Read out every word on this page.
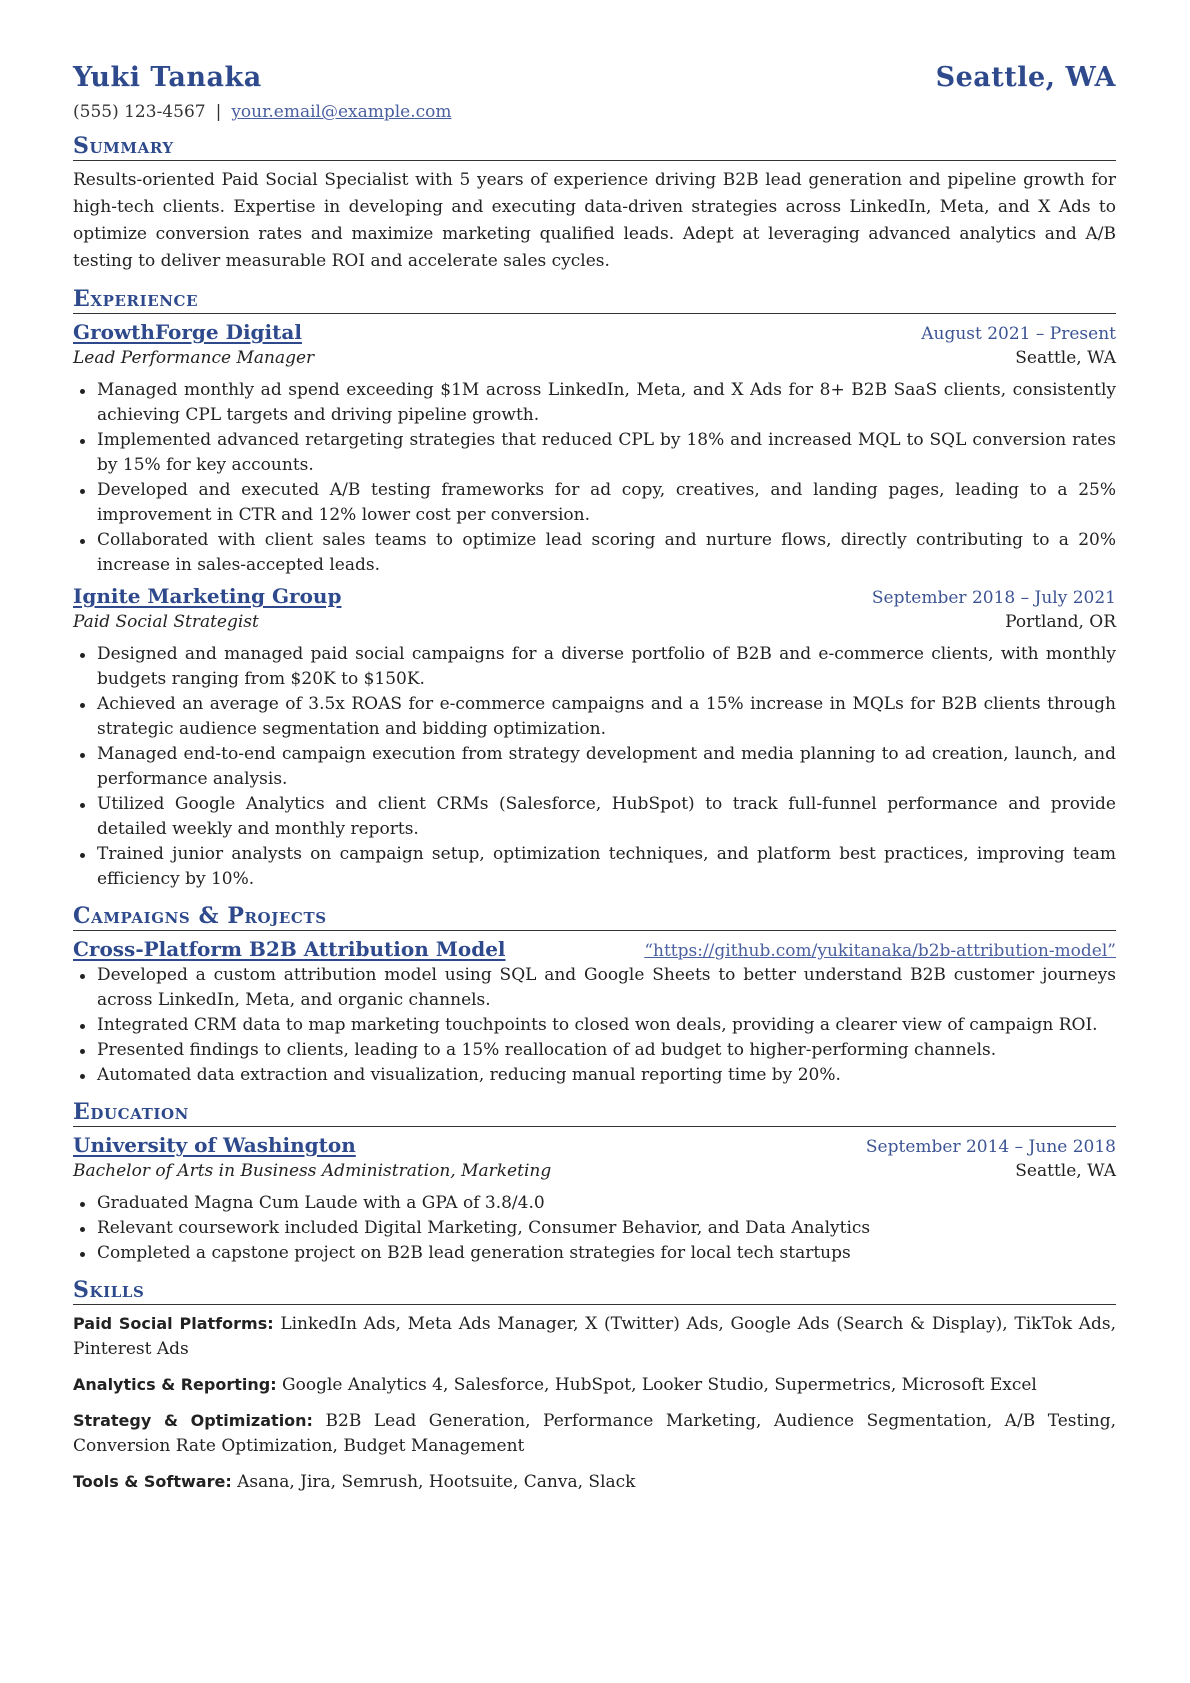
Yuki Tanaka	Seattle, WA
(555) 123-4567 | your.email@example.com
Summary
Results-oriented Paid Social Specialist with 5 years of experience driving B2B lead generation and pipeline growth for high-tech clients. Expertise in developing and executing data-driven strategies across LinkedIn, Meta, and X Ads to optimize conversion rates and maximize marketing qualified leads. Adept at leveraging advanced analytics and A/B testing to deliver measurable ROI and accelerate sales cycles.
Experience
GrowthForge Digital	August 2021 – Present
Lead Performance Manager	Seattle, WA
Managed monthly ad spend exceeding $1M across LinkedIn, Meta, and X Ads for 8+ B2B SaaS clients, consistently achieving CPL targets and driving pipeline growth.
Implemented advanced retargeting strategies that reduced CPL by 18% and increased MQL to SQL conversion rates by 15% for key accounts.
Developed and executed A/B testing frameworks for ad copy, creatives, and landing pages, leading to a 25% improvement in CTR and 12% lower cost per conversion.
Collaborated with client sales teams to optimize lead scoring and nurture flows, directly contributing to a 20% increase in sales-accepted leads.
Ignite Marketing Group	September 2018 – July 2021
Paid Social Strategist	Portland, OR
Designed and managed paid social campaigns for a diverse portfolio of B2B and e-commerce clients, with monthly budgets ranging from $20K to $150K.
Achieved an average of 3.5x ROAS for e-commerce campaigns and a 15% increase in MQLs for B2B clients through strategic audience segmentation and bidding optimization.
Managed end-to-end campaign execution from strategy development and media planning to ad creation, launch, and performance analysis.
Utilized Google Analytics and client CRMs (Salesforce, HubSpot) to track full-funnel performance and provide detailed weekly and monthly reports.
Trained junior analysts on campaign setup, optimization techniques, and platform best practices, improving team efficiency by 10%.
Campaigns & Projects
Cross-Platform B2B Attribution Model	“https://github.com/yukitanaka/b2b-attribution-model”
Developed a custom attribution model using SQL and Google Sheets to better understand B2B customer journeys across LinkedIn, Meta, and organic channels.
Integrated CRM data to map marketing touchpoints to closed won deals, providing a clearer view of campaign ROI.
Presented findings to clients, leading to a 15% reallocation of ad budget to higher-performing channels.
Automated data extraction and visualization, reducing manual reporting time by 20%.
Education
University of Washington	September 2014 – June 2018
Bachelor of Arts in Business Administration, Marketing	Seattle, WA
Graduated Magna Cum Laude with a GPA of 3.8/4.0
Relevant coursework included Digital Marketing, Consumer Behavior, and Data Analytics
Completed a capstone project on B2B lead generation strategies for local tech startups
Skills
Paid Social Platforms: LinkedIn Ads, Meta Ads Manager, X (Twitter) Ads, Google Ads (Search & Display), TikTok Ads, Pinterest Ads
Analytics & Reporting: Google Analytics 4, Salesforce, HubSpot, Looker Studio, Supermetrics, Microsoft Excel
Strategy & Optimization: B2B Lead Generation, Performance Marketing, Audience Segmentation, A/B Testing, Conversion Rate Optimization, Budget Management
Tools & Software: Asana, Jira, Semrush, Hootsuite, Canva, Slack
